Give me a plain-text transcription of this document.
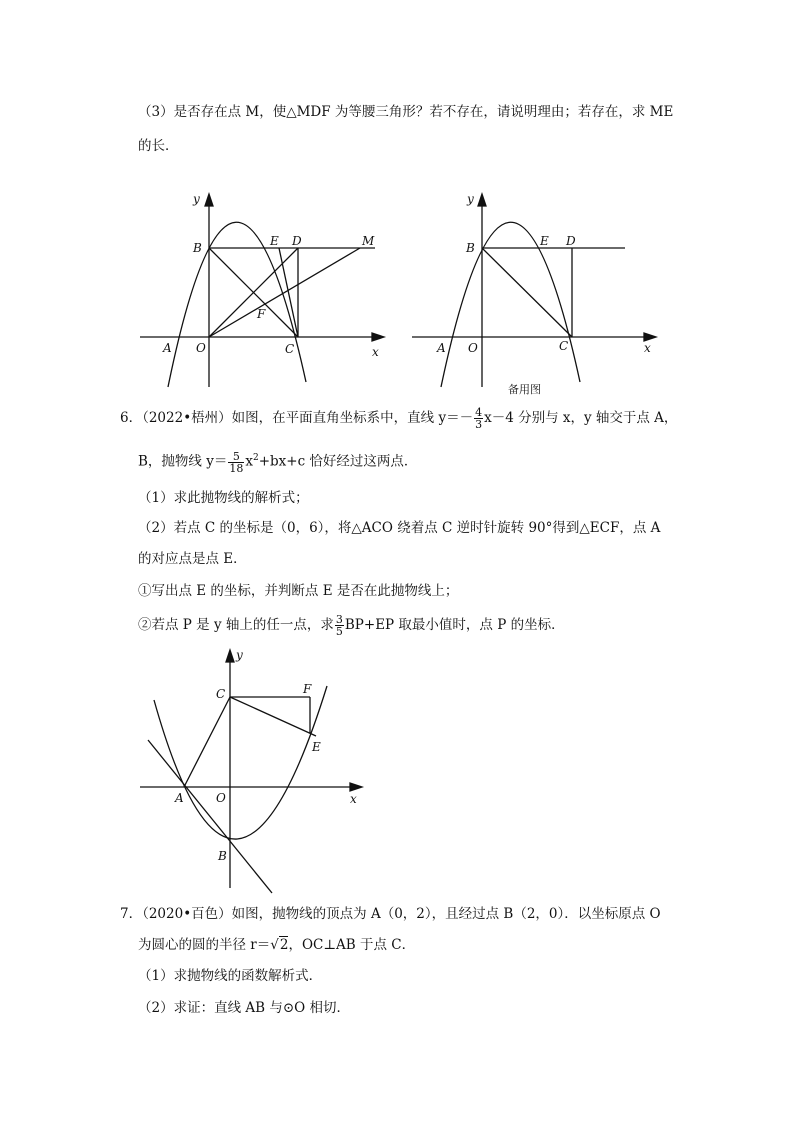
（3）是否存在点 M，使△MDF 为等腰三角形？若不存在，请说明理由；若存在，求 ME
的长．
y
x
B	E D	M
F
A O	C
y
x
B	E D
A O	C
备用图
6．（2022•梧州）如图，在平面直角坐标系中，直线 $y=- \frac{4}{3} x-4$ 分别与 x，y 轴交于点 A，
B，抛物线 $y= \frac{5}{18} x^2+bx+c$ 恰好经过这两点．
（1）求此抛物线的解析式；
（2）若点 C 的坐标是（0，6），将△ACO 绕着点 C 逆时针旋转 90°得到△ECF，点 A
的对应点是点 E．
①写出点 E 的坐标，并判断点 E 是否在此抛物线上；
②若点 P 是 y 轴上的任一点，求 $\frac{3}{5} BP+EP$ 取最小值时，点 P 的坐标．
y
x
C	F
E
A	O
B
7．（2020•百色）如图，抛物线的顶点为 A（0，2），且经过点 B（2，0）．以坐标原点 O
为圆心的圆的半径 r＝√2，OC⊥AB 于点 C．
（1）求抛物线的函数解析式．
（2）求证：直线 AB 与⊙O 相切．
